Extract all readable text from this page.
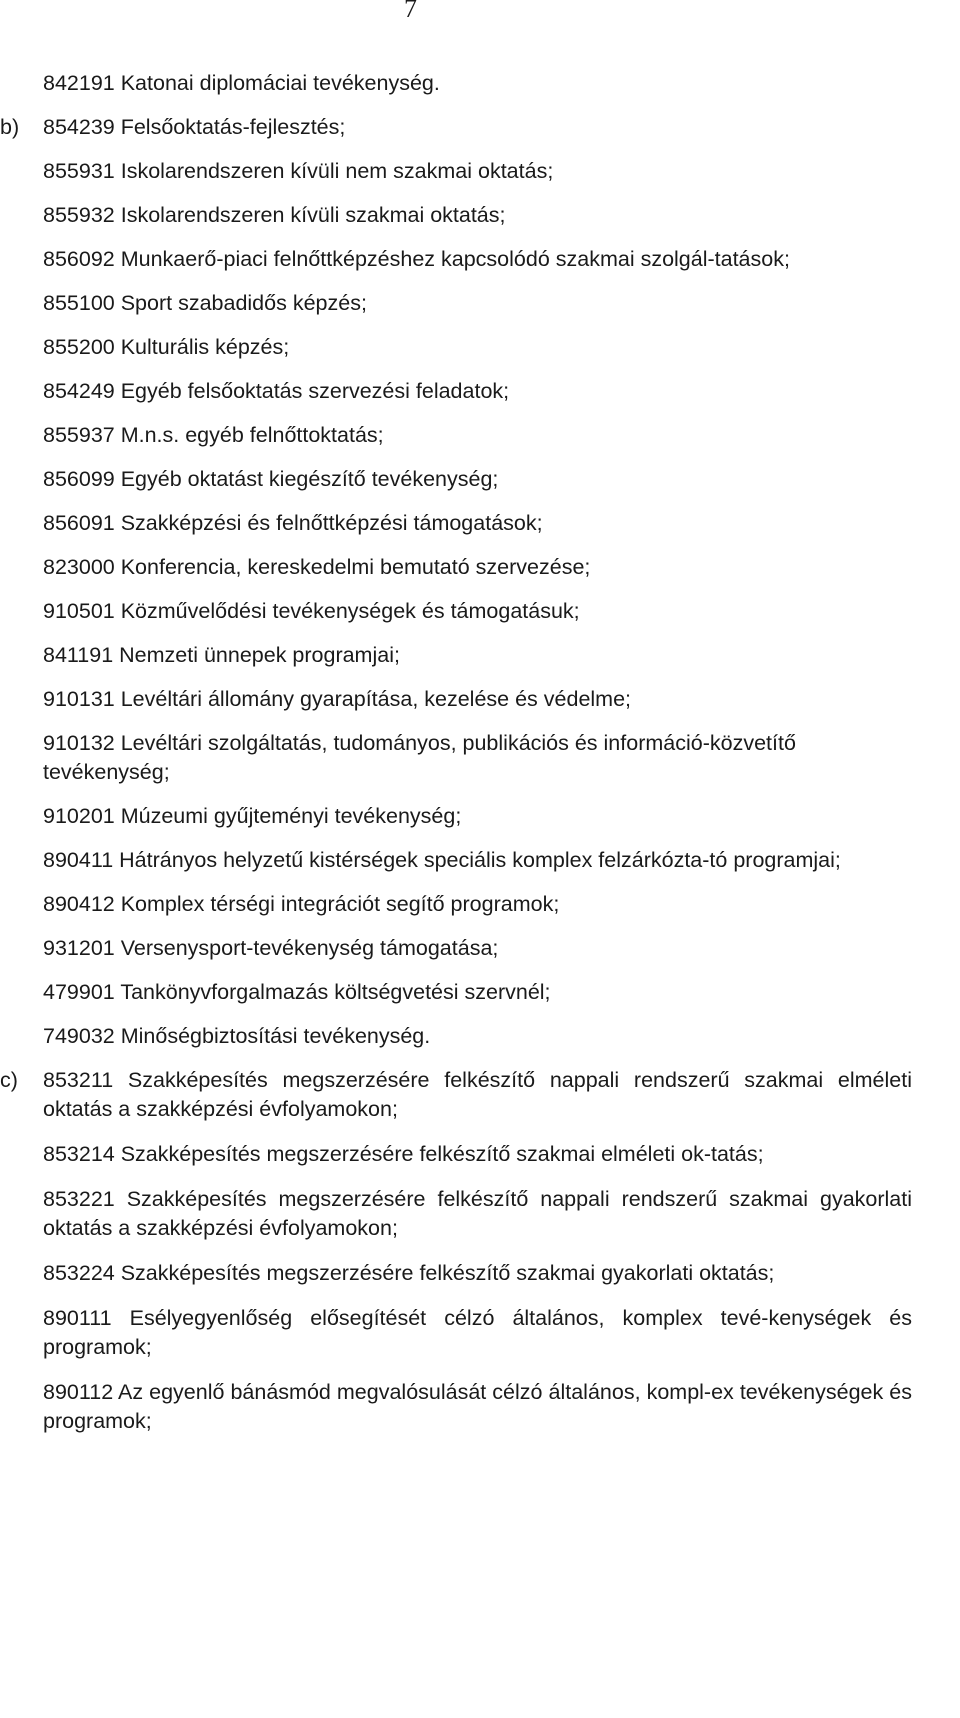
7
842191 Katonai diplomáciai tevékenység.
b) 854239 Felsőoktatás-fejlesztés;
855931 Iskolarendszeren kívüli nem szakmai oktatás;
855932 Iskolarendszeren kívüli szakmai oktatás;
856092 Munkaerő-piaci felnőttképzéshez kapcsolódó szakmai szolgál-tatások;
855100 Sport szabadidős képzés;
855200 Kulturális képzés;
854249 Egyéb felsőoktatás szervezési feladatok;
855937 M.n.s. egyéb felnőttoktatás;
856099 Egyéb oktatást kiegészítő tevékenység;
856091 Szakképzési és felnőttképzési támogatások;
823000 Konferencia, kereskedelmi bemutató szervezése;
910501 Közművelődési tevékenységek és támogatásuk;
841191 Nemzeti ünnepek programjai;
910131 Levéltári állomány gyarapítása, kezelése és védelme;
910132 Levéltári szolgáltatás, tudományos, publikációs és információ-közvetítő tevékenység;
910201 Múzeumi gyűjteményi tevékenység;
890411 Hátrányos helyzetű kistérségek speciális komplex felzárkózta-tó programjai;
890412 Komplex térségi integrációt segítő programok;
931201 Versenysport-tevékenység támogatása;
479901 Tankönyvforgalmazás költségvetési szervnél;
749032 Minőségbiztosítási tevékenység.
c) 853211 Szakképesítés megszerzésére felkészítő nappali rendszerű szakmai elméleti oktatás a szakképzési évfolyamokon;
853214 Szakképesítés megszerzésére felkészítő szakmai elméleti ok-tatás;
853221 Szakképesítés megszerzésére felkészítő nappali rendszerű szakmai gyakorlati oktatás a szakképzési évfolyamokon;
853224 Szakképesítés megszerzésére felkészítő szakmai gyakorlati oktatás;
890111 Esélyegyenlőség elősegítését célzó általános, komplex tevé-kenységek és programok;
890112 Az egyenlő bánásmód megvalósulását célzó általános, kompl-ex tevékenységek és programok;
